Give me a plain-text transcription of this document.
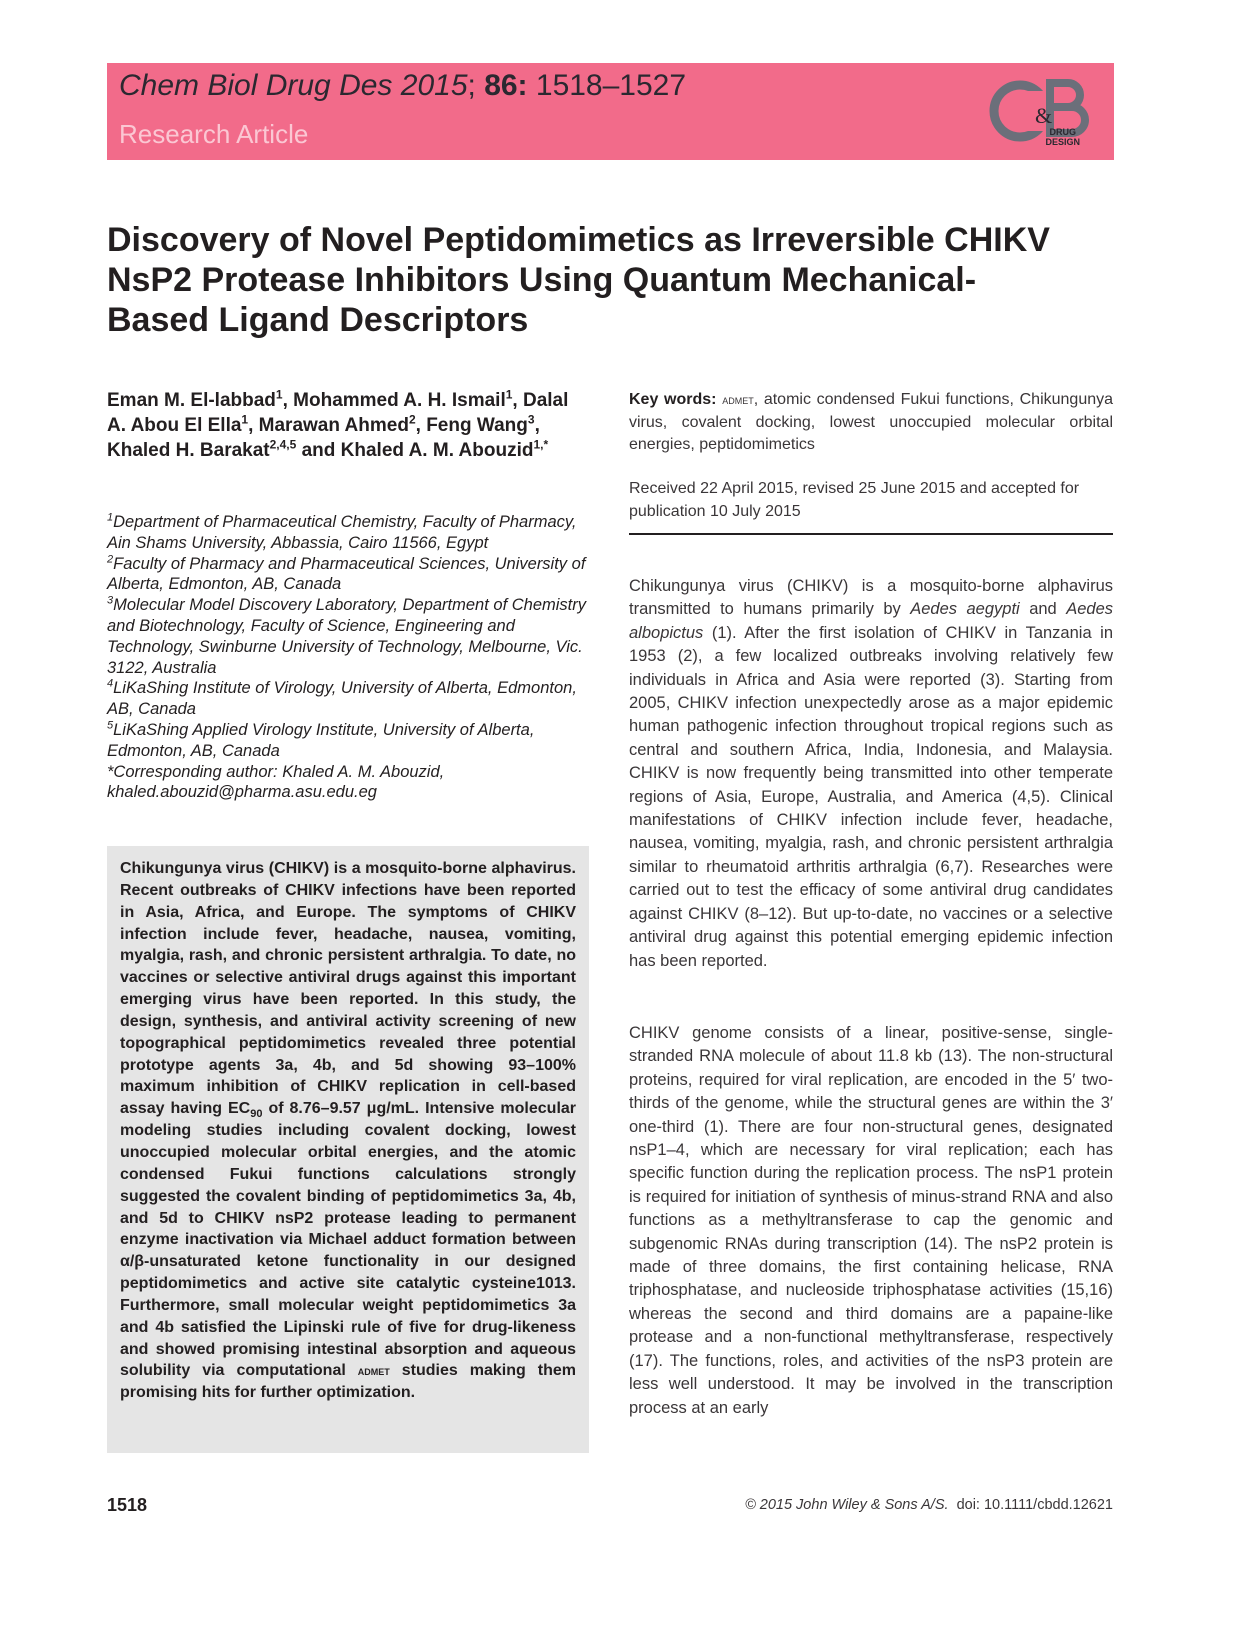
Chem Biol Drug Des 2015; 86: 1518–1527
Research Article
&
DRUG
DESIGN
Discovery of Novel Peptidomimetics as Irreversible CHIKV NsP2 Protease Inhibitors Using Quantum Mechanical-Based Ligand Descriptors

Eman M. El-labbad$^1$, Mohammed A. H. Ismail$^1$, Dalal A. Abou El Ella$^1$, Marawan Ahmed$^2$, Feng Wang$^3$, Khaled H. Barakat$^{2,4,5}$ and Khaled A. M. Abouzid$^{1,*}$

$^1$Department of Pharmaceutical Chemistry, Faculty of Pharmacy, Ain Shams University, Abbassia, Cairo 11566, Egypt
$^2$Faculty of Pharmacy and Pharmaceutical Sciences, University of Alberta, Edmonton, AB, Canada
$^3$Molecular Model Discovery Laboratory, Department of Chemistry and Biotechnology, Faculty of Science, Engineering and Technology, Swinburne University of Technology, Melbourne, Vic. 3122, Australia
$^4$LiKaShing Institute of Virology, University of Alberta, Edmonton, AB, Canada
$^5$LiKaShing Applied Virology Institute, University of Alberta, Edmonton, AB, Canada
*Corresponding author: Khaled A. M. Abouzid,
khaled.abouzid@pharma.asu.edu.eg

Chikungunya virus (CHIKV) is a mosquito-borne alphavirus. Recent outbreaks of CHIKV infections have been reported in Asia, Africa, and Europe. The symptoms of CHIKV infection include fever, headache, nausea, vomiting, myalgia, rash, and chronic persistent arthralgia. To date, no vaccines or selective antiviral drugs against this important emerging virus have been reported. In this study, the design, synthesis, and antiviral activity screening of new topographical peptidomimetics revealed three potential prototype agents 3a, 4b, and 5d showing 93–100% maximum inhibition of CHIKV replication in cell-based assay having $EC_{90}$ of 8.76–9.57 μg/mL. Intensive molecular modeling studies including covalent docking, lowest unoccupied molecular orbital energies, and the atomic condensed Fukui functions calculations strongly suggested the covalent binding of peptidomimetics 3a, 4b, and 5d to CHIKV nsP2 protease leading to permanent enzyme inactivation via Michael adduct formation between α/β-unsaturated ketone functionality in our designed peptidomimetics and active site catalytic cysteine1013. Furthermore, small molecular weight peptidomimetics 3a and 4b satisfied the Lipinski rule of five for drug-likeness and showed promising intestinal absorption and aqueous solubility via computational admet studies making them promising hits for further optimization.

Key words: admet, atomic condensed Fukui functions, Chikungunya virus, covalent docking, lowest unoccupied molecular orbital energies, peptidomimetics

Received 22 April 2015, revised 25 June 2015 and accepted for publication 10 July 2015

Chikungunya virus (CHIKV) is a mosquito-borne alphavirus transmitted to humans primarily by Aedes aegypti and Aedes albopictus (1). After the first isolation of CHIKV in Tanzania in 1953 (2), a few localized outbreaks involving relatively few individuals in Africa and Asia were reported (3). Starting from 2005, CHIKV infection unexpectedly arose as a major epidemic human pathogenic infection throughout tropical regions such as central and southern Africa, India, Indonesia, and Malaysia. CHIKV is now frequently being transmitted into other temperate regions of Asia, Europe, Australia, and America (4,5). Clinical manifestations of CHIKV infection include fever, headache, nausea, vomiting, myalgia, rash, and chronic persistent arthralgia similar to rheumatoid arthritis arthralgia (6,7). Researches were carried out to test the efficacy of some antiviral drug candidates against CHIKV (8–12). But up-to-date, no vaccines or a selective antiviral drug against this potential emerging epidemic infection has been reported.

CHIKV genome consists of a linear, positive-sense, single-stranded RNA molecule of about 11.8 kb (13). The non-structural proteins, required for viral replication, are encoded in the 5′ two-thirds of the genome, while the structural genes are within the 3′ one-third (1). There are four non-structural genes, designated nsP1–4, which are necessary for viral replication; each has specific function during the replication process. The nsP1 protein is required for initiation of synthesis of minus-strand RNA and also functions as a methyltransferase to cap the genomic and subgenomic RNAs during transcription (14). The nsP2 protein is made of three domains, the first containing helicase, RNA triphosphatase, and nucleoside triphosphatase activities (15,16) whereas the second and third domains are a papaine-like protease and a non-functional methyltransferase, respectively (17). The functions, roles, and activities of the nsP3 protein are less well understood. It may be involved in the transcription process at an early

1518	© 2015 John Wiley & Sons A/S.  doi: 10.1111/cbdd.12621
